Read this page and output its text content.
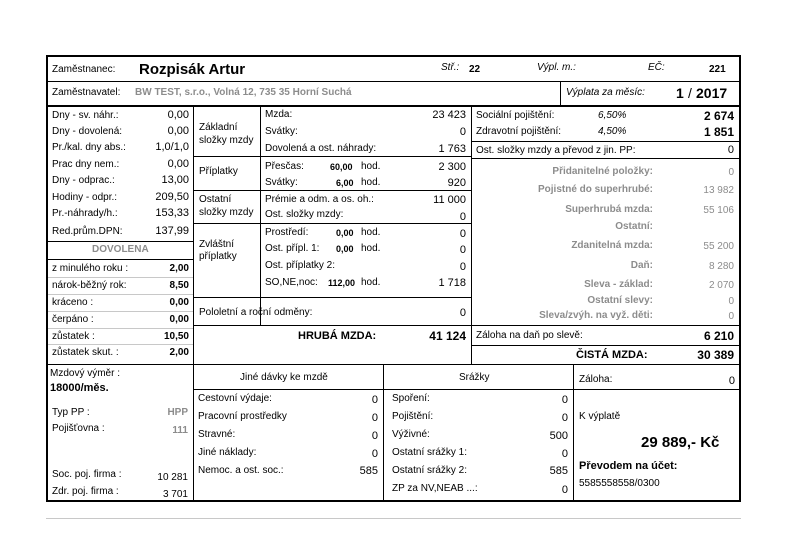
Zaměstnanec: Rozpisák Artur	Stř.: 22	Výpl. m.:	EČ:	221
Zaměstnavatel: BW TEST, s.r.o., Volná 12, 735 35 Horní Suchá	Výplata za měsíc: 1 / 2017
Dny - sv. náhr.:	0,00
Dny - dovolená:	0,00
Pr./kal. dny abs.:	1,0/1,0
Prac dny nem.:	0,00
Dny - odprac.:	13,00
Hodiny - odpr.:	209,50
Pr.-náhrady/h.:	153,33
Red.prům.DPN:	137,99
DOVOLENA
z minulého roku :	2,00
nárok-běžný rok:	8,50
kráceno :	0,00
čerpáno :	0,00
zůstatek :	10,50
zůstatek skut. :	2,00
Základní
složky mzdy
Mzda:	23 423
Svátky:	0
Dovolená a ost. náhrady:	1 763
Příplatky	Přesčas:	60,00 hod.	2 300
Svátky:	6,00 hod.	920
Ostatní
složky mzdy
Prémie a odm. a os. oh.:	11 000
Ost. složky mzdy:	0
Zvláštní
příplatky
Prostředí:	0,00 hod.	0
Ost. přípl. 1: 0,00 hod.	0
Ost. příplatky 2:	0
SO,NE,noc: 112,00 hod.	1 718
Pololetní a roční odměny:	0
HRUBÁ MZDA:	41 124
Sociální pojištění:	6,50%	2 674
Zdravotní pojištění:	4,50%	1 851
Ost. složky mzdy a převod z jin. PP:	0
Přidanitelné položky:	0
Pojistné do superhrubé:	13 982
Superhrubá mzda:	55 106
Ostatní:
Zdanitelná mzda:	55 200
Daň:	8 280
Sleva - základ:	2 070
Ostatní slevy:	0
Sleva/zvýh. na vyž. děti:	0
Záloha na daň po slevě:	6 210
ČISTÁ MZDA:	30 389
Mzdový výměr :
18000/měs.
Typ PP :	HPP
Pojišťovna :	111
Soc. poj. firma :	10 281
Zdr. poj. firma :	3 701
Jiné dávky ke mzdě
Cestovní výdaje:	0
Pracovní prostředky	0
Stravné:	0
Jiné náklady:	0
Nemoc. a ost. soc.:	585
Srážky
Spoření:	0
Pojištění:	0
Výživné:	500
Ostatní srážky 1:	0
Ostatní srážky 2:	585
ZP za NV,NEAB ...:	0
Záloha:	0
K výplatě
29 889,- Kč
Převodem na účet:
5585558558/0300
